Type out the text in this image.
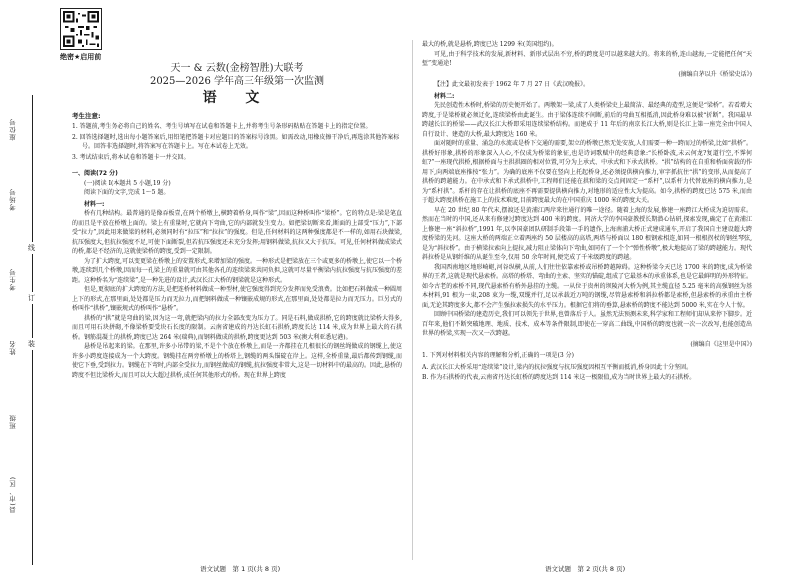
座位号
考场号
考生号
姓名
班级
县(市、区)
线
订
装
绝密★启用前
天一 & 云数(金榜智胜)大联考
2025—2026 学年高三年级第一次监测
语 文
考生注意:
1. 答题前,考生务必将自己的姓名、考生号填写在试卷和答题卡上,并将考生号条形码粘贴在答题卡上的指定位置。
2. 回答选择题时,选出每小题答案后,用铅笔把答题卡对应题目的答案标号涂黑。如需改动,用橡皮擦干净后,再选涂其他答案标号。回答非选择题时,将答案写在答题卡上。写在本试卷上无效。
3. 考试结束后,将本试卷和答题卡一并交回。
一、阅读(72 分)
(一)阅读 I(本题共 5 小题,19 分)
阅读下面的文字,完成 1～5 题。
材料一:

桥有几种结构。最普通的是像吞板壹,在两个桥墩上,横跨着桥身,叫作“梁”,因而这种桥叫作“梁桥”。它的特点是:梁是笔直的而且是平放在桥墩上面的。梁上有重量时,它就向下弯曲,它的内部就发生变力。如把梁切断来看,断面的上部受“压力”,下部受“拉力”,因此用来做梁的材料,必须同时有“拉压”和“拉拉”的强度。但是,任何材料的这两种强度都是不一样的,如用石块做梁,抗压强度大,但抗拉强度不足,可使下面断裂,但若抗压强度还未充分发挥;用钢料做梁,抗拉又大于抗压。可见,任何材料做成梁式的桥,都是不经济的,这就使梁桥的跨度,受到一定限制。

为了扩大跨度,可以变更梁在桥墩上的安置形式,来增加梁的强度。一种形式是把梁放在三个或更多的桥墩上,使它以一个桥墩,连续到几个桥墩,因而每一孔梁上的重量就可由其他各孔的连续梁来共同负担,这就可尽量平衡梁内抗拉强度与抗压强度的差距。这种桥名为“连续梁”,是一种先进的设计,武汉长江大桥的钢梁就是这种形式。

但是,更彻底的扩大跨度的方法,是把连桥材料做成一种型材,使它强度得到充分发挥而免受浪费。比如把石料做成一种圆周上下的形式,在那里面,处处都是压力而无拉力,而把钢料做成一种镶嵌成规的形式,在那里面,处处都是拉力而无压力。巨另式的桥叫作“拱桥”,镶嵌规式的桥叫作“悬桥”。

拱桥的“拱”就是弯曲的梁,因为这一弯,就把梁内的拉力全部改变为压力了。同是石料,做成拱桥,它的跨度就比梁桥大得多,而且可用石块拼砌,不像梁桥要受块石长度的限制。云南省建成的丹达长虹石拱桥,跨度长达 114 米,成为世界上最大的石拱桥。钢筋混凝土的拱桥,跨度已达 264 米(瑞典),而钢料做成的拱桥,跨度更达到 503 米(澳大利亚悉尼港)。

悬桥是吊起来的梁。在那里,许多小吊带的梁,不是个个放在桥墩上,而是一齐都挂在几根很长的钢丝绳做成的钢缆上,使这许多小跨度连接成为一个大跨度。钢缆挂在两旁桥墩上的桥塔上,钢缆的两头锚碇在岸上。这样,全桥重量,最后都传到钢缆,而使它下垂,受到拉力。钢缆在下弯时,内部全受拉力,而钢丝做成的钢缆,抗拉强度非常大,这是一切材料中的最高的。因此,悬桥的跨度不但比梁桥大,而且可以大大超过拱桥,成任何其他形式的桥。现在世界上跨度

最大的桥,就是悬桥,跨度已达 1299 米(美国纽约)。

可见,由于科学技术的发展,新材料、新形式层出不穷,桥的跨度是可以越来越大的。将来的桥,连山越海,一定能把任何“天堑”变通途!

(摘编自茅以升《桥梁史话》)
【注】此文最初发表于 1962 年 7 月 27 日《武汉晚报》。
材料二:

先民创造性木桥时,桥梁的历史便开始了。两墩架一梁,成了人类桥梁史上最简洁、最经典的造型,这便是“梁桥”。若看增大跨度,于是梁桥就必须迁化,连续梁桥由此诞生。由于梁体连续不间断,前后的弯曲互相抵消,因此桥身难以被“折断”。我国最早跨越长江的桥梁——武汉长江大桥即采用连续梁桥结构。而建成于 11 年后的南京长江大桥,则是长江上第一座完全由中国人自行设计、建造的大桥,最大跨度达 160 米。

面对随时的重量、涌急的水流或是桥下交通的需要,架立的桥墩已然无处安放,人们需要一种一跨而过的桥梁,比如“拱桥”。拱桥好形象,拱桥的形象深入人心,不仅成为桥梁的象征,也是诗词歌赋中的经典意象:“长桥卧波,未云何龙?复道行空,不霁何虹?”一座现代拱桥,根据桥面与主拱拱圈的相对位置,可分为上承式、中承式和下承式拱桥。“拱”结构的在自重和桥面荷载的作用下,向两端底座推按“张力”。为确的底座不仅要在竖向上托起桥身,还必须提供横向推力,审字抓抗住“拱”的变形,从而提高了拱桥的跨越能力。在中承式和下承式拱桥中,工程师们还能在拱和梁的交点间固定一“系杆”,以系杆力代替底座的横向推力,是为“系杆拱”。系杆的存在让拱桥的底座不再需要提供横向推力,对地形的适应性大为提高。如今,拱桥的跨度已达 575 米,而由于超大跨度拱桥在施工上的技术难度,目前跨度最大的在中国重庆 1000 米的跨度大关。

早在 20 世纪 80 年代末,摆渡还是黄浦江两岸来往通行的唯一途径。随着上海的发展,修建一座跨江大桥成为迫切需求。然而在当时的中国,还从来有修建过跨度达到 400 米的跨度。同济大学的李国豪教授长期潜心钻研,探索发现,确定了在黄浦江上修建一座“斜拉桥”,1991 年,以李国豪团队研制手段第一手的遗作,上海南浦大桥正式建成通车,开启了我国自主建设超大跨度桥梁的先河。这座大桥的两端正立着两座约 50 层楼高的高塔,两塔与桥面以 180 根钢索相连,如同一根根拐杖的钢丝琴弦,是为“斜拉桥”。由于横梁拉索向上提拉,减力阻止梁体向下弯曲,如同有了一个个“弹性桥墩”,极大地提高了梁的跨越能力。现代斜拉桥是从钢纤维的从诞生至今,仅用 50 余年时间,便完成了千米级跨度的跨越。

我国西南地区地形崎岖,河谷纵横,从前,人们往往依靠索桥或吊桥跨越障碍。这种桥梁今天已达 1700 米的跨度,成为桥梁界的王者,这就是现代悬索桥。高塔的桥塔、弯曲的主索、坚实的锚碇,组成了它最基本的承重体系,也是它最鲜明的外形特征。如今古老的索桥不同,现代悬索桥有桥外悬挂的主缆。一从位于贵州的坝陵河大桥为例,其主缆直径 5.25 毫米的高强钢丝为基本材料,91 根为一束,208 束为一缆,双缆并行,足以承载近万吨的钢缆,尽管悬索桥和斜拉桥都是索桥,但悬索桥的承重由主桥面,无论其跨度多大,都不会产生强拉索损失的水平压力。根据它们将的垂算,悬索桥的跨度不能达到 5000 米,实在令人十惊。

回顾中国桥梁的建造历史,我们可以领先于世界,也曾落后于人。虽然无法预测未来,科学家和工程师们却从来停下脚步。近百年来,他们不断突破地理、地质、技术、成本等条件限制,即使在一穿高二曲线,中国桥的跨度也就一次一次改写,也能创造出世界的桥梁,实现一次又一次跨越。

(摘编自《这里是中国》)
1. 下列对材料相关内容的理解和分析,正确的一项是(3 分)
A. 武汉长江大桥采用“连续梁”设计,梁内的抗拉强度与抗压强度因相互平衡而抵消,桥身因此十分坚固。
B. 作为石拱桥的代表,云南省丹达长虹桥的跨度达到 114 米这一极限值,成为当时世界上最大的石拱桥。
语文试题　第 1 页(共 8 页)	语文试题　第 2 页(共 8 页)
